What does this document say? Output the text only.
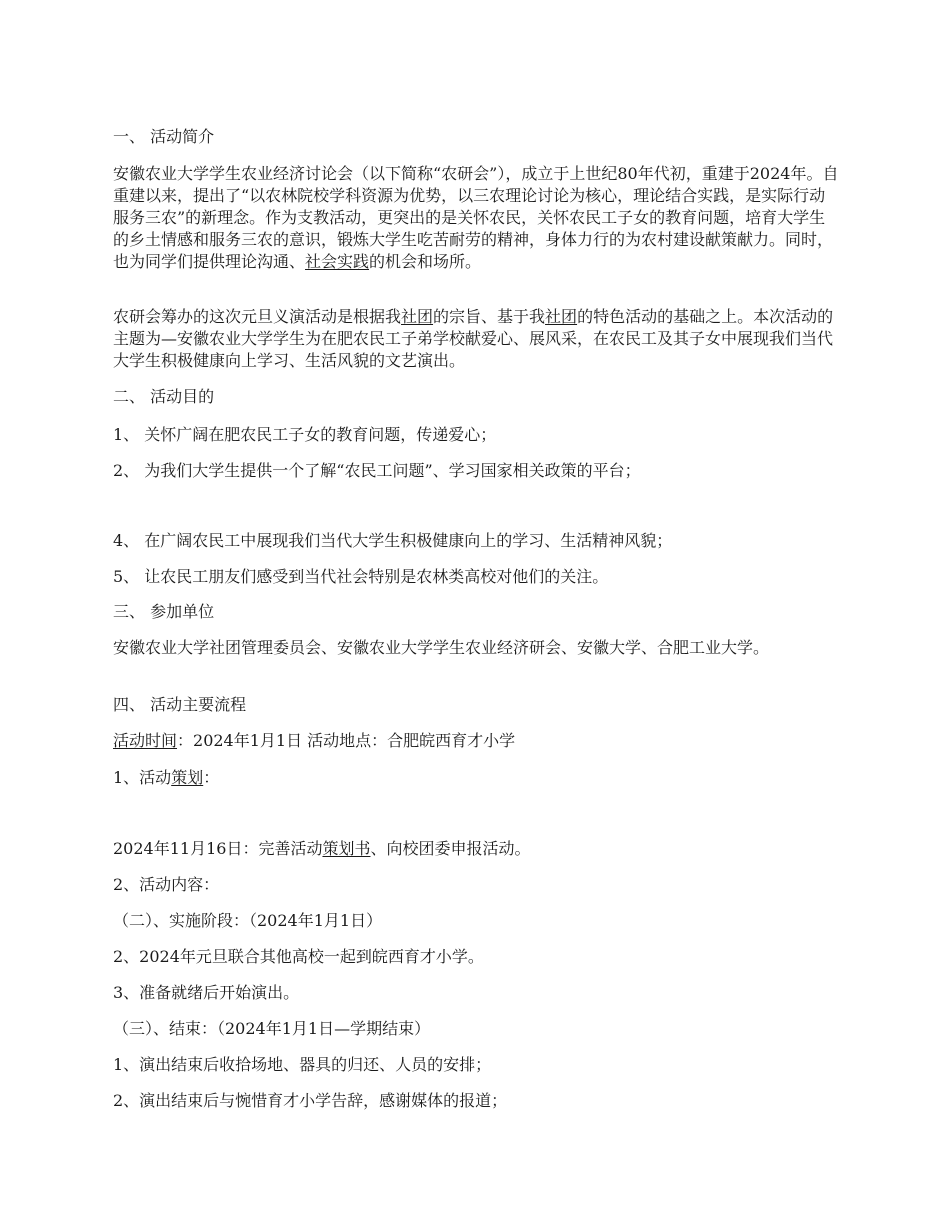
一、 活动简介

安徽农业大学学生农业经济讨论会（以下简称“农研会”），成立于上世纪80年代初，重建于2024年。自重建以来，提出了“以农林院校学科资源为优势，以三农理论讨论为核心，理论结合实践，是实际行动服务三农”的新理念。作为支教活动，更突出的是关怀农民，关怀农民工子女的教育问题，培育大学生的乡土情感和服务三农的意识，锻炼大学生吃苦耐劳的精神，身体力行的为农村建设献策献力。同时，也为同学们提供理论沟通、社会实践的机会和场所。

农研会筹办的这次元旦义演活动是根据我社团的宗旨、基于我社团的特色活动的基础之上。本次活动的主题为—安徽农业大学学生为在肥农民工子弟学校献爱心、展风采，在农民工及其子女中展现我们当代大学生积极健康向上学习、生活风貌的文艺演出。

二、 活动目的

1、 关怀广阔在肥农民工子女的教育问题，传递爱心；

2、 为我们大学生提供一个了解“农民工问题”、学习国家相关政策的平台；

4、 在广阔农民工中展现我们当代大学生积极健康向上的学习、生活精神风貌；

5、 让农民工朋友们感受到当代社会特别是农林类高校对他们的关注。

三、 参加单位

安徽农业大学社团管理委员会、安徽农业大学学生农业经济研会、安徽大学、合肥工业大学。

四、 活动主要流程

活动时间：2024年1月1日 活动地点：合肥皖西育才小学

1、活动策划：

2024年11月16日：完善活动策划书、向校团委申报活动。

2、活动内容：

（二）、实施阶段：（2024年1月1日）

2、2024年元旦联合其他高校一起到皖西育才小学。

3、准备就绪后开始演出。

（三）、结束：（2024年1月1日—学期结束）

1、演出结束后收拾场地、器具的归还、人员的安排；

2、演出结束后与惋惜育才小学告辞，感谢媒体的报道；
